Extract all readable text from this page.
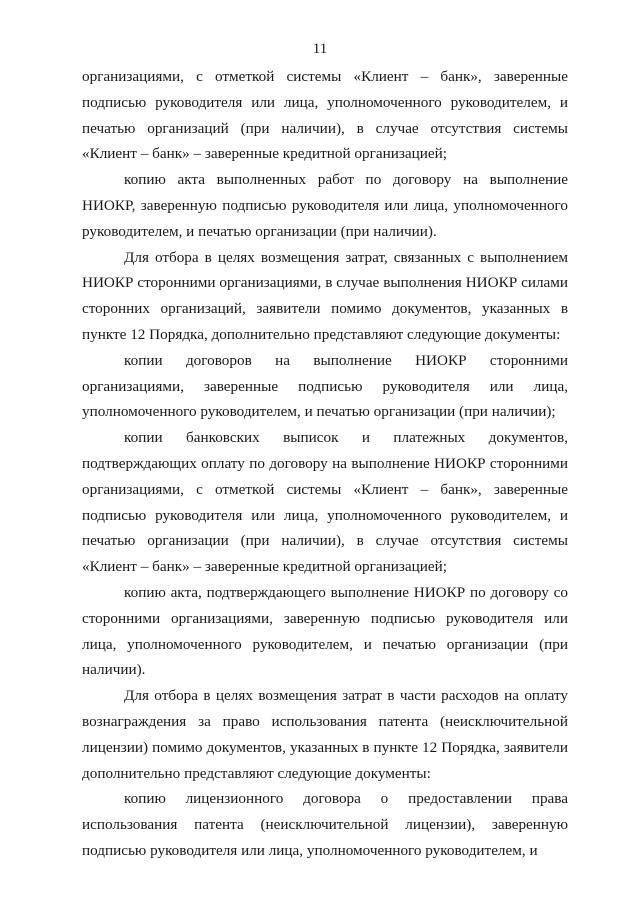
11

организациями, с отметкой системы «Клиент – банк», заверенные подписью руководителя или лица, уполномоченного руководителем, и печатью организаций (при наличии), в случае отсутствия системы «Клиент – банк» – заверенные кредитной организацией;

копию акта выполненных работ по договору на выполнение НИОКР, заверенную подписью руководителя или лица, уполномоченного руководителем, и печатью организации (при наличии).

Для отбора в целях возмещения затрат, связанных с выполнением НИОКР сторонними организациями, в случае выполнения НИОКР силами сторонних организаций, заявители помимо документов, указанных в пункте 12 Порядка, дополнительно представляют следующие документы:

копии договоров на выполнение НИОКР сторонними организациями, заверенные подписью руководителя или лица, уполномоченного руководителем, и печатью организации (при наличии);

копии банковских выписок и платежных документов, подтверждающих оплату по договору на выполнение НИОКР сторонними организациями, с отметкой системы «Клиент – банк», заверенные подписью руководителя или лица, уполномоченного руководителем, и печатью организации (при наличии), в случае отсутствия системы «Клиент – банк» – заверенные кредитной организацией;

копию акта, подтверждающего выполнение НИОКР по договору со сторонними организациями, заверенную подписью руководителя или лица, уполномоченного руководителем, и печатью организации (при наличии).

Для отбора в целях возмещения затрат в части расходов на оплату вознаграждения за право использования патента (неисключительной лицензии) помимо документов, указанных в пункте 12 Порядка, заявители дополнительно представляют следующие документы:

копию лицензионного договора о предоставлении права использования патента (неисключительной лицензии), заверенную подписью руководителя или лица, уполномоченного руководителем, и
